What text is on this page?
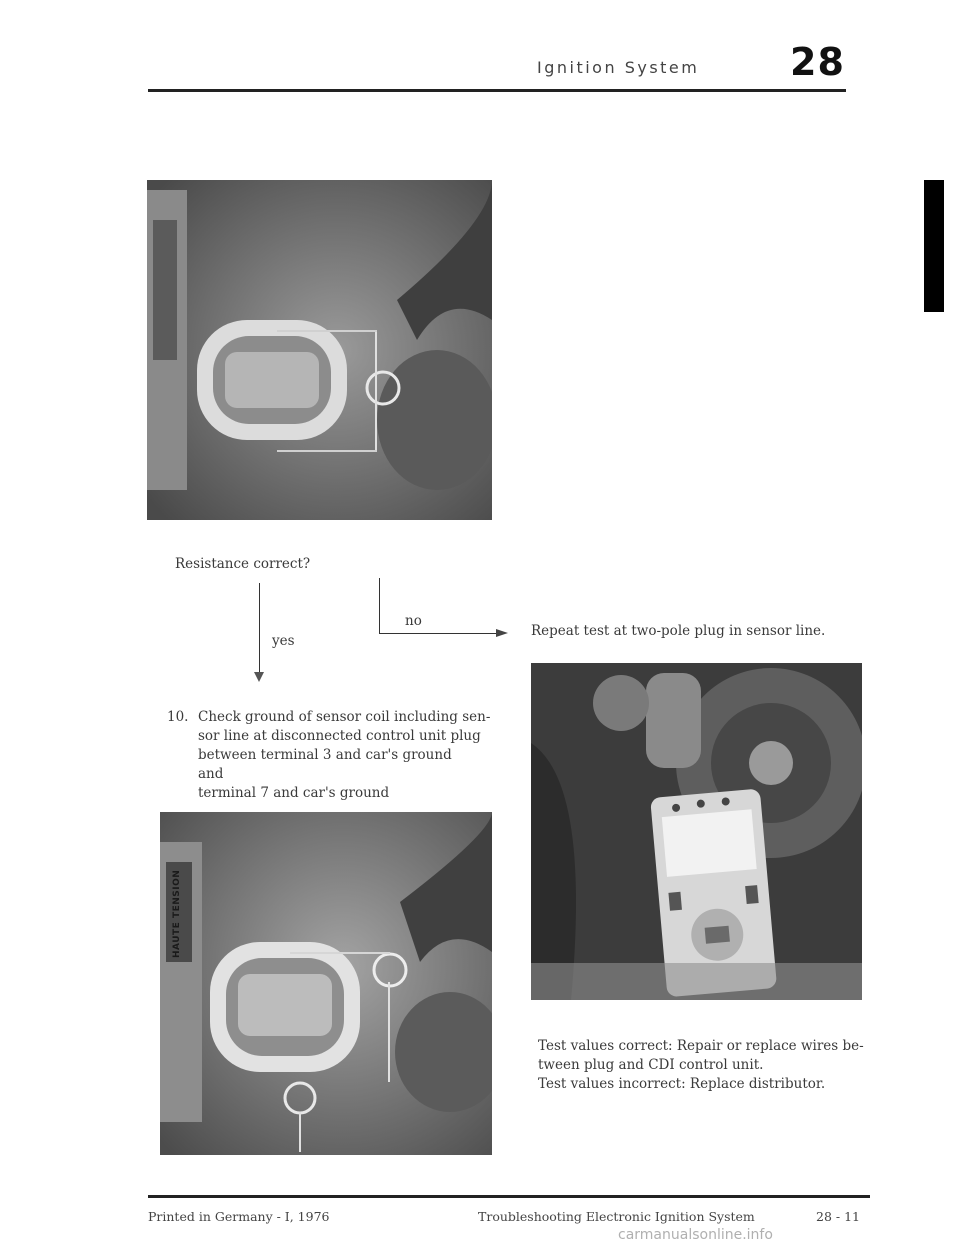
Ignition System 28
Resistance correct?
yes
no
Repeat test at two-pole plug in sensor line.
10. Check ground of sensor coil including sen-
sor line at disconnected control unit plug
between terminal 3 and car's ground
and
terminal 7 and car's ground
Test values correct: Repair or replace wires be-
tween plug and CDI control unit.
Test values incorrect: Replace distributor.
HAUTE TENSION
Printed in Germany - I, 1976	Troubleshooting Electronic Ignition System	28 - 11
carmanualsonline.info
